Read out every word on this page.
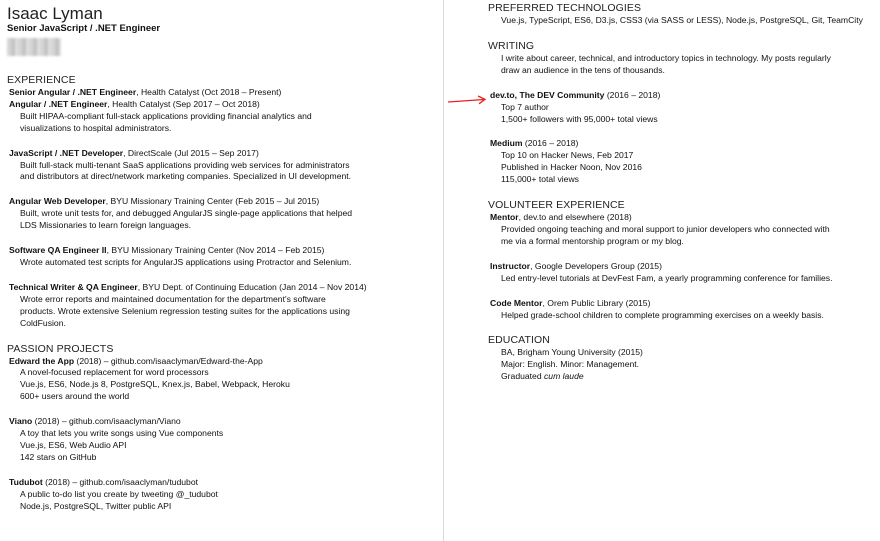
Isaac Lyman
Senior JavaScript / .NET Engineer
EXPERIENCE
Senior Angular / .NET Engineer, Health Catalyst (Oct 2018 – Present)
Angular / .NET Engineer, Health Catalyst (Sep 2017 – Oct 2018)
Built HIPAA-compliant full-stack applications providing financial analytics and
visualizations to hospital administrators.
JavaScript / .NET Developer, DirectScale (Jul 2015 – Sep 2017)
Built full-stack multi-tenant SaaS applications providing web services for administrators
and distributors at direct/network marketing companies. Specialized in UI development.
Angular Web Developer, BYU Missionary Training Center (Feb 2015 – Jul 2015)
Built, wrote unit tests for, and debugged AngularJS single-page applications that helped
LDS Missionaries to learn foreign languages.
Software QA Engineer II, BYU Missionary Training Center (Nov 2014 – Feb 2015)
Wrote automated test scripts for AngularJS applications using Protractor and Selenium.
Technical Writer & QA Engineer, BYU Dept. of Continuing Education (Jan 2014 – Nov 2014)
Wrote error reports and maintained documentation for the department's software
products. Wrote extensive Selenium regression testing suites for the applications using
ColdFusion.
PASSION PROJECTS
Edward the App (2018) – github.com/isaaclyman/Edward-the-App
A novel-focused replacement for word processors
Vue.js, ES6, Node.js 8, PostgreSQL, Knex.js, Babel, Webpack, Heroku
600+ users around the world
Viano (2018) – github.com/isaaclyman/Viano
A toy that lets you write songs using Vue components
Vue.js, ES6, Web Audio API
142 stars on GitHub
Tudubot (2018) – github.com/isaaclyman/tudubot
A public to-do list you create by tweeting @_tudubot
Node.js, PostgreSQL, Twitter public API
PREFERRED TECHNOLOGIES
Vue.js, TypeScript, ES6, D3.js, CSS3 (via SASS or LESS), Node.js, PostgreSQL, Git, TeamCity
WRITING
I write about career, technical, and introductory topics in technology. My posts regularly
draw an audience in the tens of thousands.
dev.to, The DEV Community (2016 – 2018)
Top 7 author
1,500+ followers with 95,000+ total views
Medium (2016 – 2018)
Top 10 on Hacker News, Feb 2017
Published in Hacker Noon, Nov 2016
115,000+ total views
VOLUNTEER EXPERIENCE
Mentor, dev.to and elsewhere (2018)
Provided ongoing teaching and moral support to junior developers who connected with
me via a formal mentorship program or my blog.
Instructor, Google Developers Group (2015)
Led entry-level tutorials at DevFest Fam, a yearly programming conference for families.
Code Mentor, Orem Public Library (2015)
Helped grade-school children to complete programming exercises on a weekly basis.
EDUCATION
BA, Brigham Young University (2015)
Major: English. Minor: Management.
Graduated cum laude
